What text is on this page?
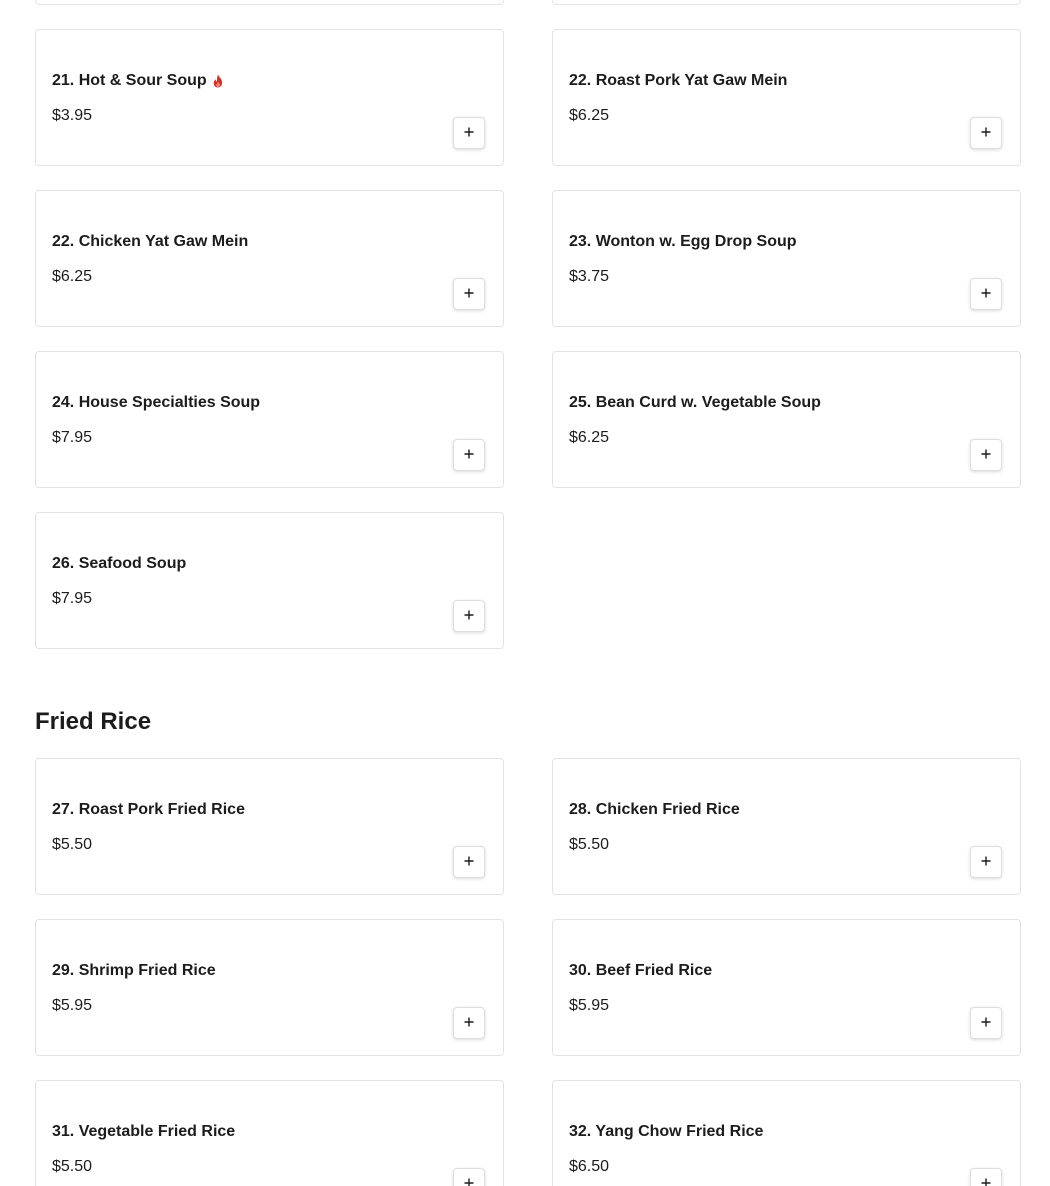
21. Hot & Sour Soup
$3.95
22. Roast Pork Yat Gaw Mein
$6.25
22. Chicken Yat Gaw Mein
$6.25
23. Wonton w. Egg Drop Soup
$3.75
24. House Specialties Soup
$7.95
25. Bean Curd w. Vegetable Soup
$6.25
26. Seafood Soup
$7.95
Fried Rice
27. Roast Pork Fried Rice
$5.50
28. Chicken Fried Rice
$5.50
29. Shrimp Fried Rice
$5.95
30. Beef Fried Rice
$5.95
31. Vegetable Fried Rice
$5.50
32. Yang Chow Fried Rice
$6.50
